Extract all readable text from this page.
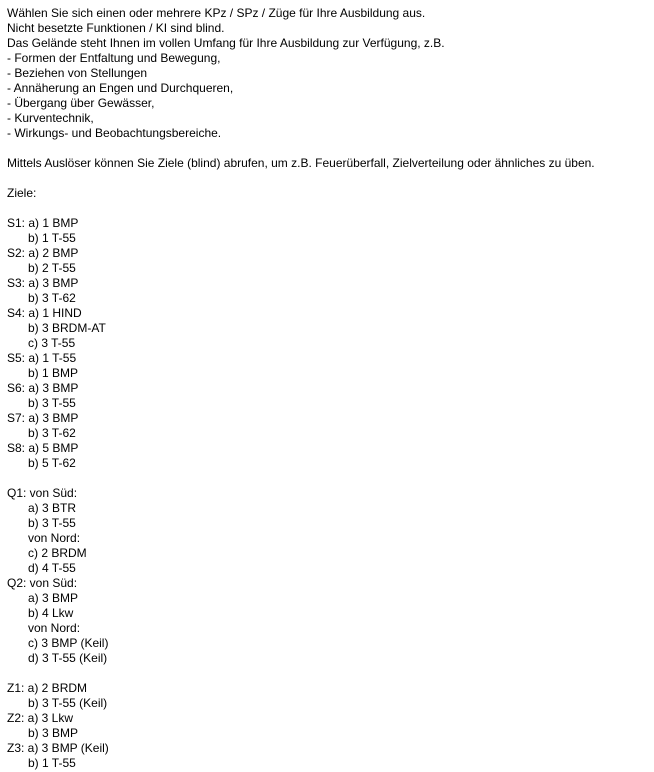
Wählen Sie sich einen oder mehrere KPz / SPz / Züge für Ihre Ausbildung aus.
Nicht besetzte Funktionen / KI sind blind.
Das Gelände steht Ihnen im vollen Umfang für Ihre Ausbildung zur Verfügung, z.B.
- Formen der Entfaltung und Bewegung,
- Beziehen von Stellungen
- Annäherung an Engen und Durchqueren,
- Übergang über Gewässer,
- Kurventechnik,
- Wirkungs- und Beobachtungsbereiche.
Mittels Auslöser können Sie Ziele (blind) abrufen, um z.B. Feuerüberfall, Zielverteilung oder ähnliches zu üben.
Ziele:
S1: a) 1 BMP
b) 1 T-55
S2: a) 2 BMP
b) 2 T-55
S3: a) 3 BMP
b) 3 T-62
S4: a) 1 HIND
b) 3 BRDM-AT
c) 3 T-55
S5: a) 1 T-55
b) 1 BMP
S6: a) 3 BMP
b) 3 T-55
S7: a) 3 BMP
b) 3 T-62
S8: a) 5 BMP
b) 5 T-62
Q1: von Süd:
a) 3 BTR
b) 3 T-55
von Nord:
c) 2 BRDM
d) 4 T-55
Q2: von Süd:
a) 3 BMP
b) 4 Lkw
von Nord:
c) 3 BMP (Keil)
d) 3 T-55 (Keil)
Z1: a) 2 BRDM
b) 3 T-55 (Keil)
Z2: a) 3 Lkw
b) 3 BMP
Z3: a) 3 BMP (Keil)
b) 1 T-55
